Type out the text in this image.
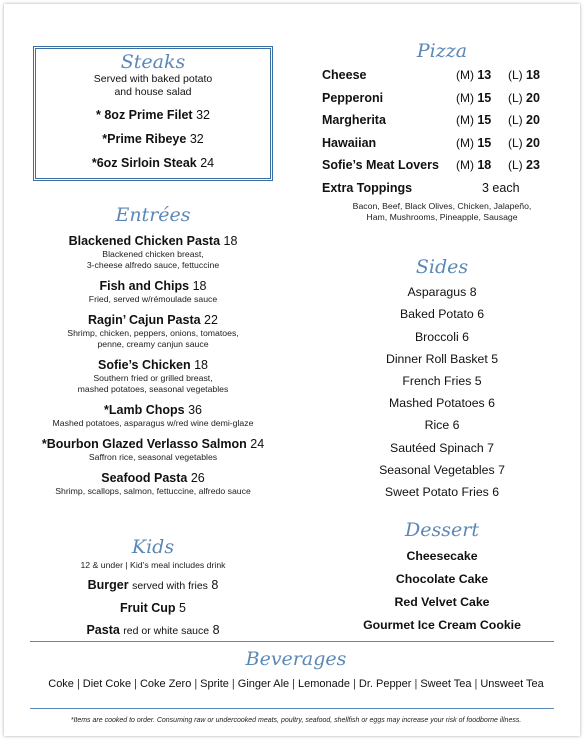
Steaks
Served with baked potato
and house salad
* 8oz Prime Filet 32
*Prime Ribeye 32
*6oz Sirloin Steak 24
Entrées
Blackened Chicken Pasta 18
Blackened chicken breast,
3-cheese alfredo sauce, fettuccine
Fish and Chips 18
Fried, served w/rémoulade sauce
Ragin’ Cajun Pasta 22
Shrimp, chicken, peppers, onions, tomatoes,
penne, creamy canjun sauce
Sofie’s Chicken 18
Southern fried or grilled breast,
mashed potatoes, seasonal vegetables
*Lamb Chops 36
Mashed potatoes, asparagus w/red wine demi-glaze
*Bourbon Glazed Verlasso Salmon 24
Saffron rice, seasonal vegetables
Seafood Pasta 26
Shrimp, scallops, salmon, fettuccine, alfredo sauce
Kids
12 & under | Kid’s meal includes drink
Burger served with fries 8
Fruit Cup 5
Pasta red or white sauce 8
Pizza
Cheese	(M) 13	(L) 18
Pepperoni	(M) 15	(L) 20
Margherita	(M) 15	(L) 20
Hawaiian	(M) 15	(L) 20
Sofie’s Meat Lovers	(M) 18	(L) 23
Extra Toppings	3 each
Bacon, Beef, Black Olives, Chicken, Jalapeño,
Ham, Mushrooms, Pineapple, Sausage
Sides
Asparagus 8
Baked Potato 6
Broccoli 6
Dinner Roll Basket 5
French Fries 5
Mashed Potatoes 6
Rice 6
Sautéed Spinach 7
Seasonal Vegetables 7
Sweet Potato Fries 6
Dessert
Cheesecake
Chocolate Cake
Red Velvet Cake
Gourmet Ice Cream Cookie
Beverages
Coke | Diet Coke | Coke Zero | Sprite | Ginger Ale | Lemonade | Dr. Pepper | Sweet Tea | Unsweet Tea
*Items are cooked to order. Consuming raw or undercooked meats, poultry, seafood, shellfish or eggs may increase your risk of foodborne illness.
